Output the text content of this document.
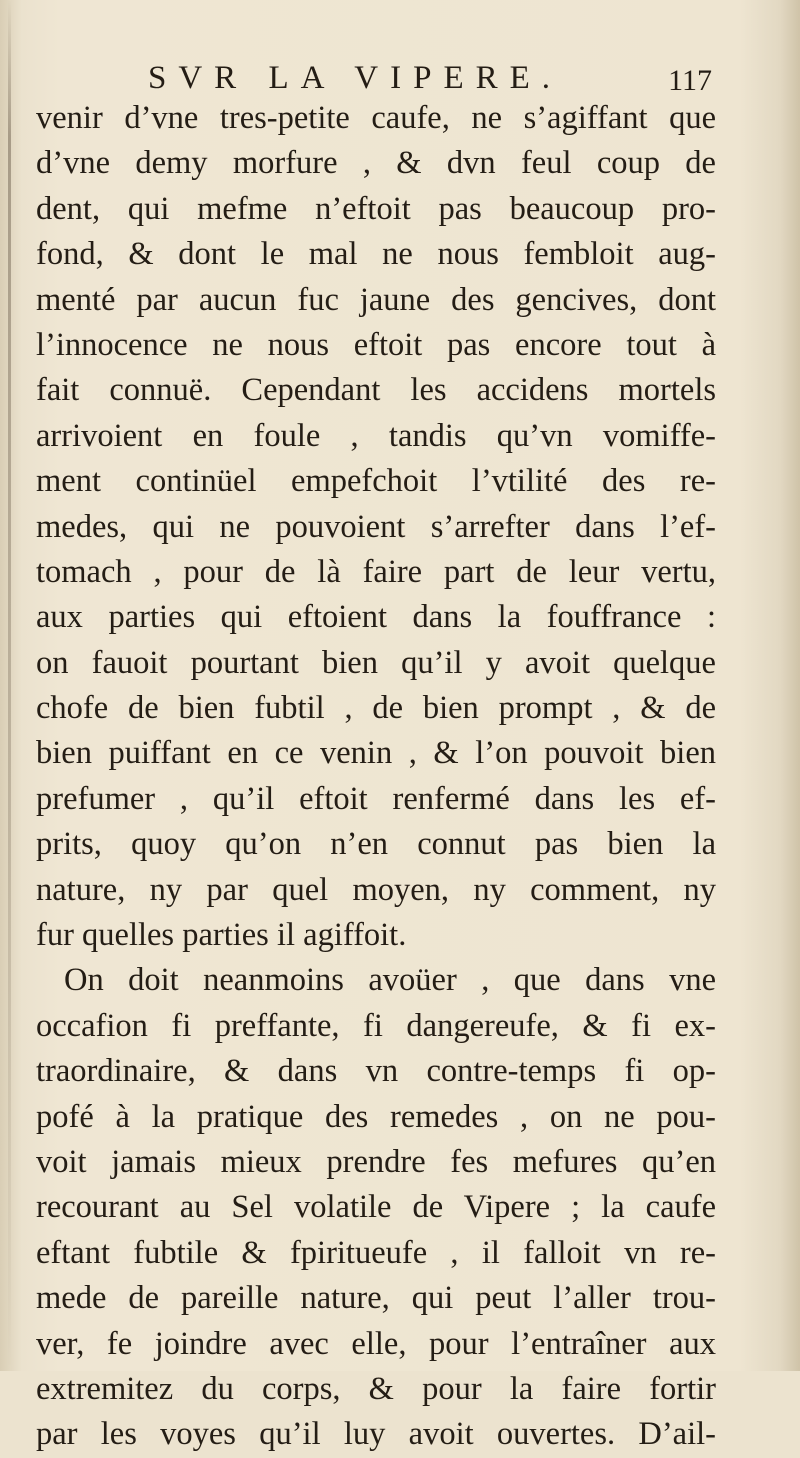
SVR LA VIPERE.	117
venir d’vne tres-petite caufe, ne s’agiffant que
d’vne demy morfure , & dvn feul coup de
dent, qui mefme n’eftoit pas beaucoup pro-
fond, & dont le mal ne nous fembloit aug-
menté par aucun fuc jaune des gencives, dont
l’innocence ne nous eftoit pas encore tout à
fait connuë. Cependant les accidens mortels
arrivoient en foule , tandis qu’vn vomiffe-
ment continüel empefchoit l’vtilité des re-
medes, qui ne pouvoient s’arrefter dans l’ef-
tomach , pour de là faire part de leur vertu,
aux parties qui eftoient dans la fouffrance :
on fauoit pourtant bien qu’il y avoit quelque
chofe de bien fubtil , de bien prompt , & de
bien puiffant en ce venin , & l’on pouvoit bien
prefumer , qu’il eftoit renfermé dans les ef-
prits, quoy qu’on n’en connut pas bien la
nature, ny par quel moyen, ny comment, ny
fur quelles parties il agiffoit.
On doit neanmoins avoüer , que dans vne
occafion fi preffante, fi dangereufe, & fi ex-
traordinaire, & dans vn contre-temps fi op-
pofé à la pratique des remedes , on ne pou-
voit jamais mieux prendre fes mefures qu’en
recourant au Sel volatile de Vipere ; la caufe
eftant fubtile & fpiritueufe , il falloit vn re-
mede de pareille nature, qui peut l’aller trou-
ver, fe joindre avec elle, pour l’entraîner aux
extremitez du corps, & pour la faire fortir
par les voyes qu’il luy avoit ouvertes. D’ail-
